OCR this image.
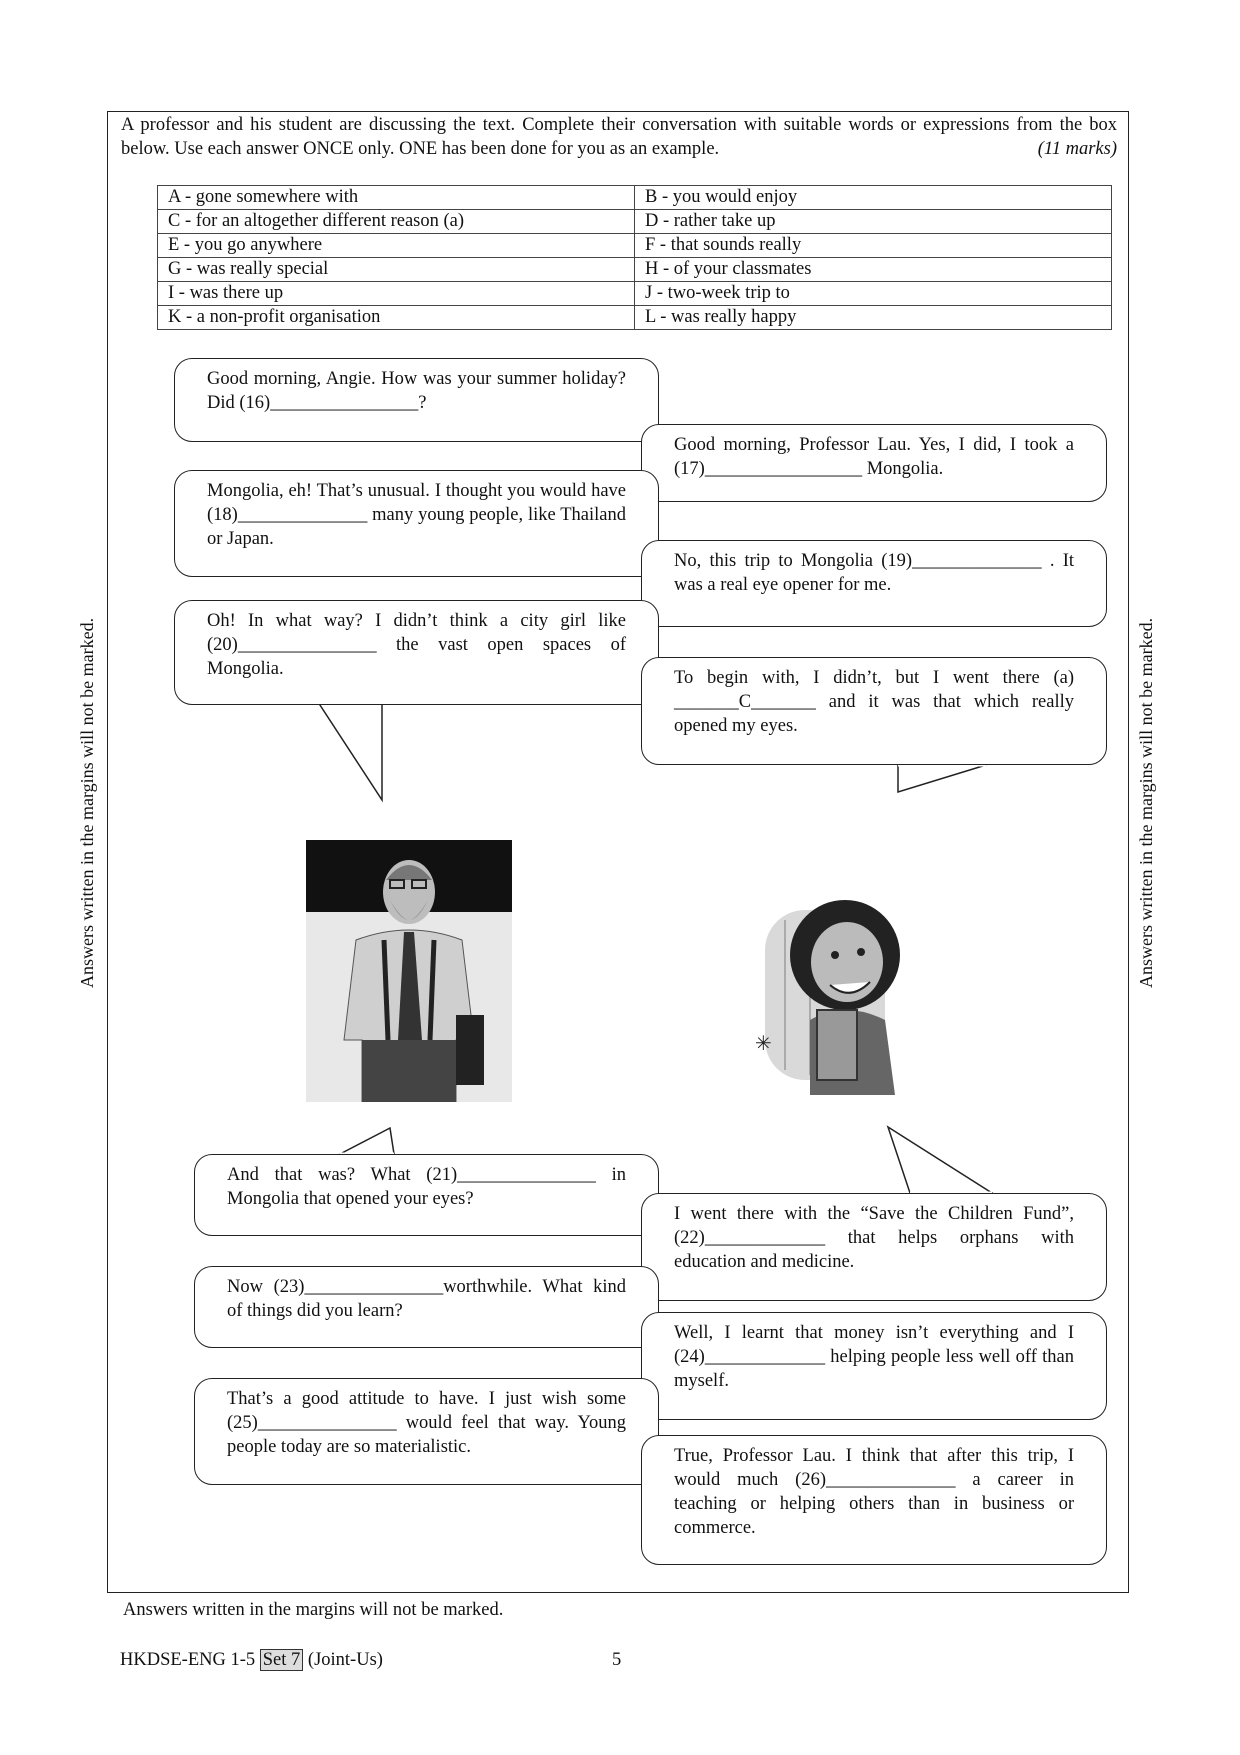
A professor and his student are discussing the text. Complete their conversation with suitable words or expressions from the box below. Use each answer ONCE only. ONE has been done for you as an example.	(11 marks)
A - gone somewhere with	B - you would enjoy
C - for an altogether different reason (a)	D - rather take up
E - you go anywhere	F - that sounds really
G - was really special	H - of your classmates
I - was there up	J - two-week trip to
K - a non-profit organisation	L - was really happy
Answers written in the margins will not be marked.	Answers written in the margins will not be marked.

Good morning, Angie. How was your summer holiday? Did (16)________________?

Good morning, Professor Lau. Yes, I did, I took a (17)_________________ Mongolia.

Mongolia, eh! That’s unusual. I thought you would have (18)______________ many young people, like Thailand or Japan.

No, this trip to Mongolia (19)______________ . It was a real eye opener for me.

Oh! In what way? I didn’t think a city girl like (20)_______________ the vast open spaces of Mongolia.	To begin with, I didn’t, but I went there (a) _______C_______ and it was that which really opened my eyes.

✳

And that was? What (21)_______________ in Mongolia that opened your eyes?

I went there with the “Save the Children Fund”, (22)_____________ that helps orphans with education and medicine.

Now (23)_______________worthwhile. What kind of things did you learn?

Well, I learnt that money isn’t everything and I (24)_____________ helping people less well off than myself.

That’s a good attitude to have. I just wish some (25)_______________ would feel that way. Young people today are so materialistic.	True, Professor Lau. I think that after this trip, I would much (26)______________ a career in teaching or helping others than in business or commerce.

Answers written in the margins will not be marked.
HKDSE-ENG 1-5 Set 7 (Joint-Us)	5
